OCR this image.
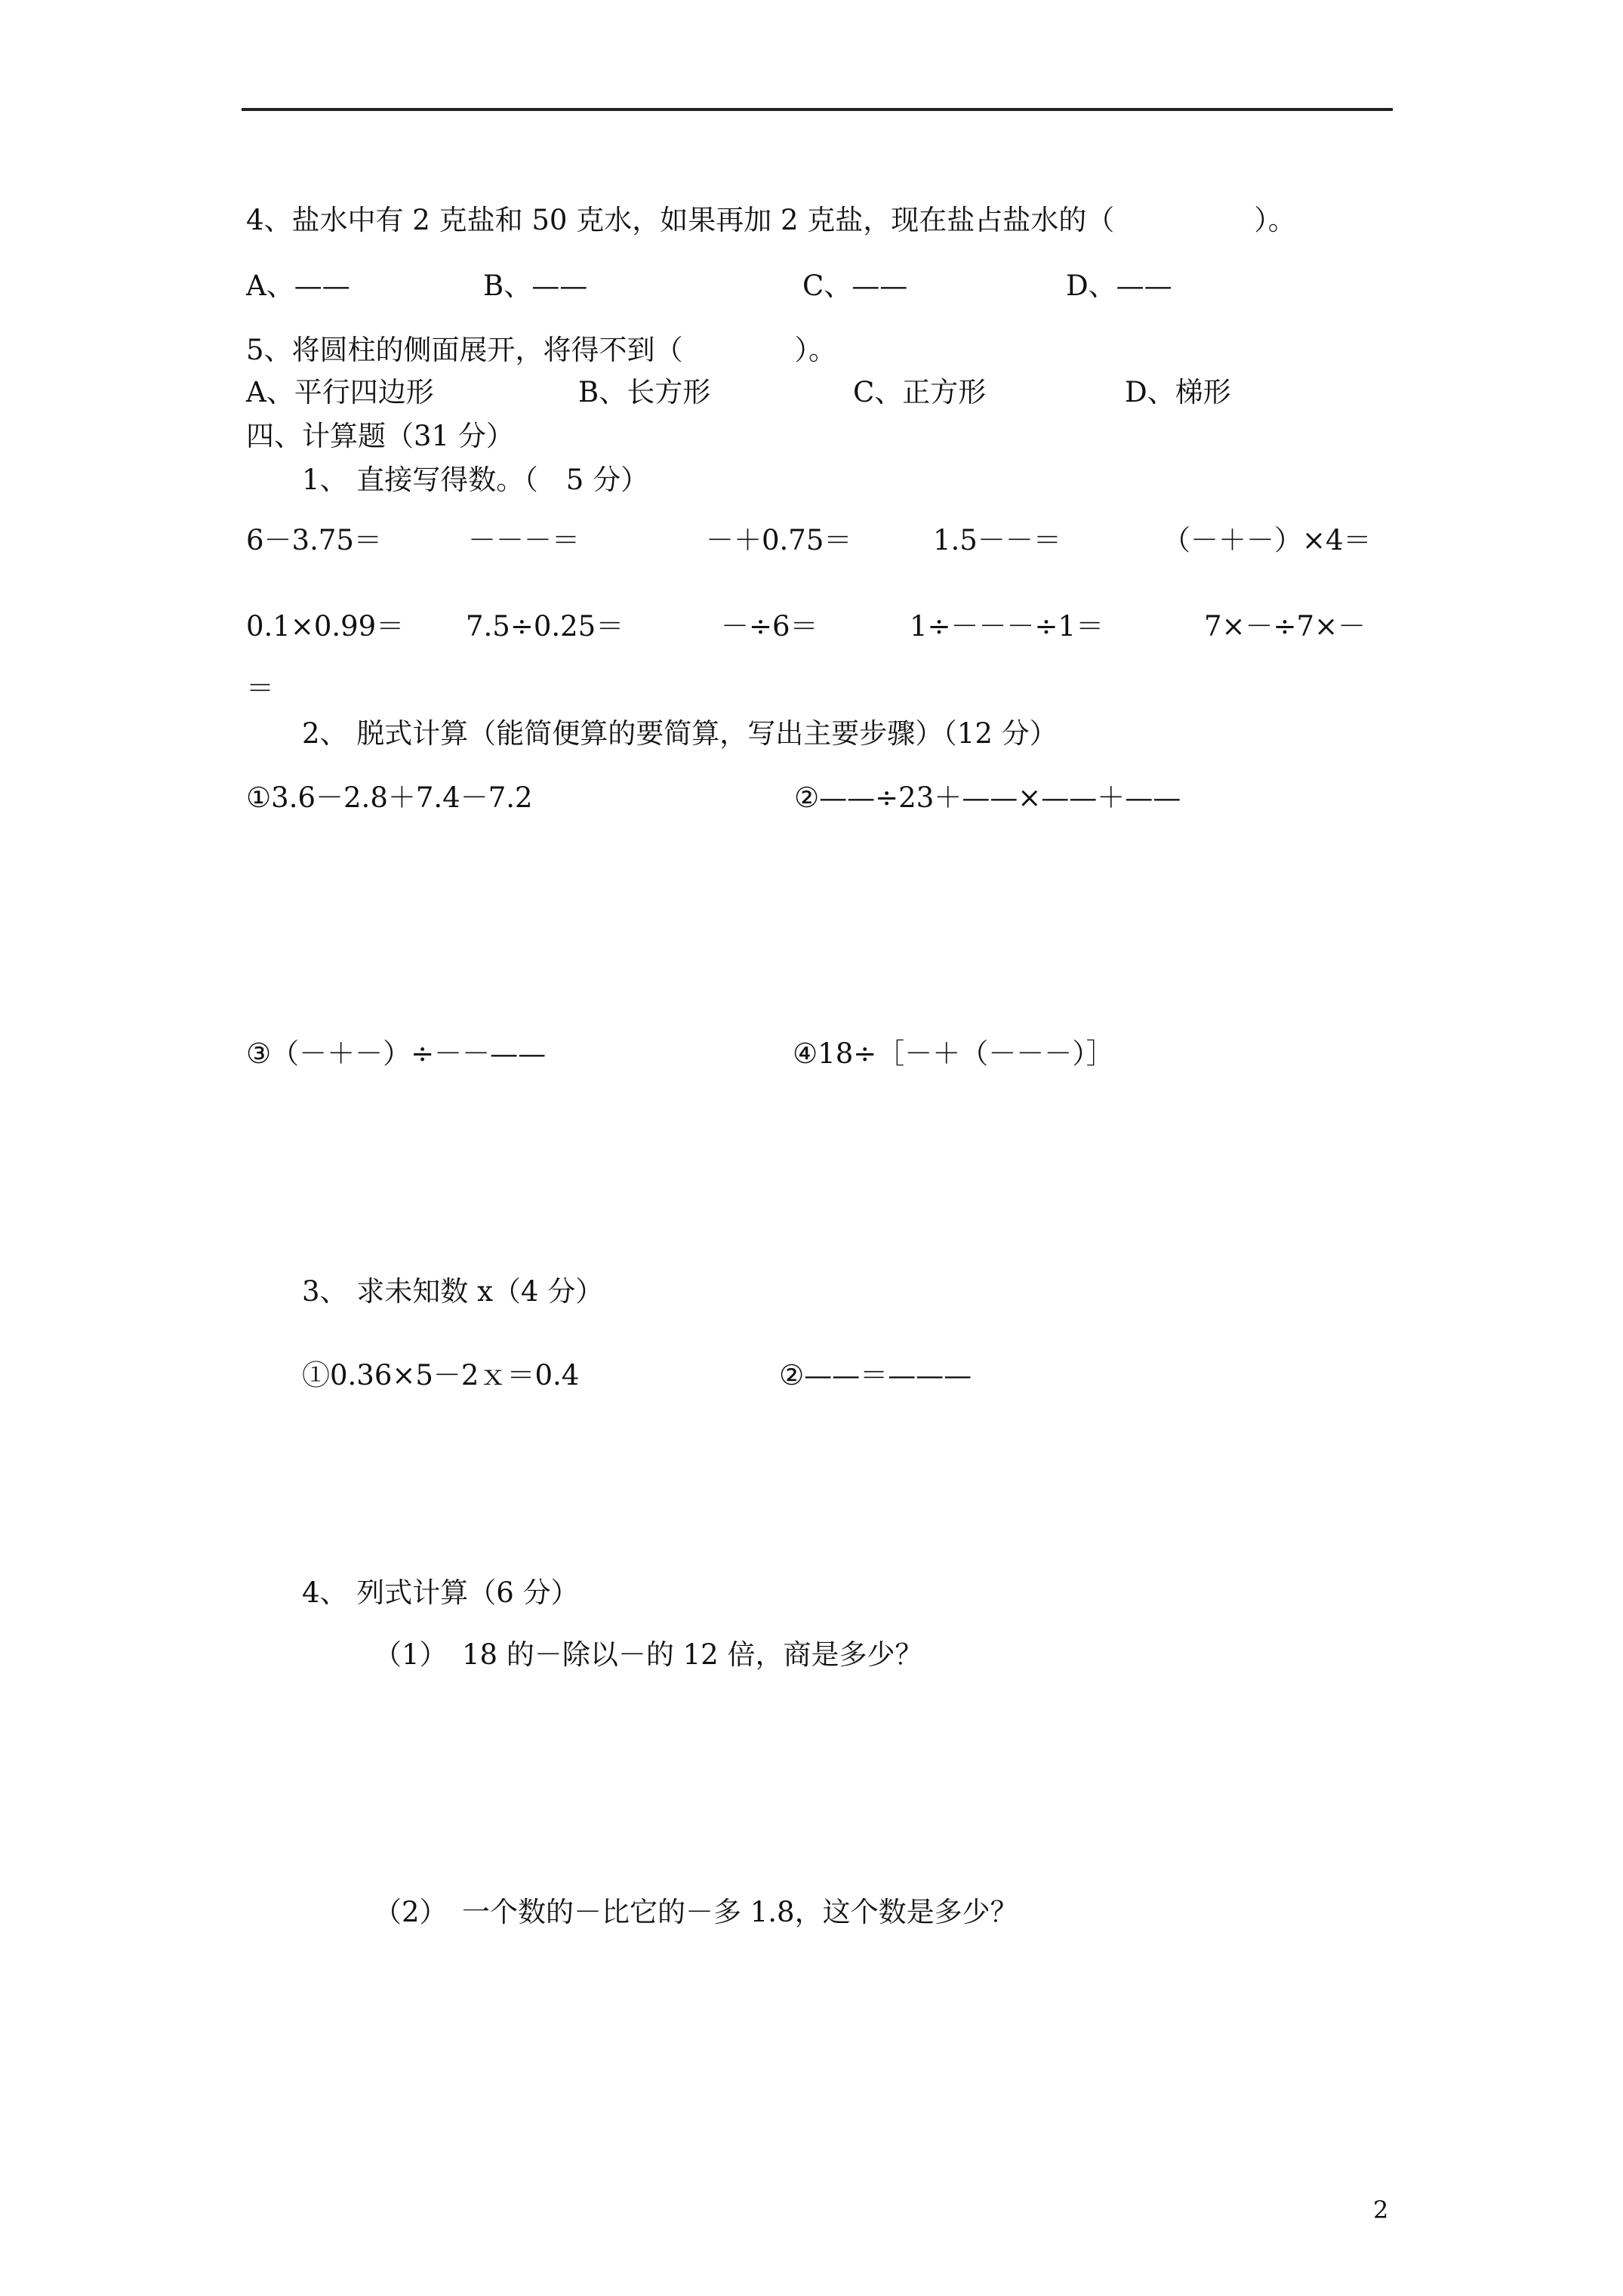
4、盐水中有 2 克盐和 50 克水，如果再加 2 克盐，现在盐占盐水的（　　　　　）。
A、——	B、——	C、——	D、——
5、将圆柱的侧面展开，将得不到（　　　　）。
A、平行四边形	B、长方形	C、正方形	D、梯形
四、计算题（31 分）
1、 直接写得数。（　5 分）
6－3.75＝	－－－＝	－＋0.75＝	1.5－－＝	（－＋－）×4＝
0.1×0.99＝ 7.5÷0.25＝	－÷6＝	1÷－－－÷1＝	7×－÷7×－
＝
2、 脱式计算（能简便算的要简算，写出主要步骤）（12 分）
①3.6－2.8＋7.4－7.2	②——÷23＋——×——＋——
③（－＋－）÷－－——	④18÷［－＋（－－－）］
3、 求未知数 x（4 分）
①0.36×5－2ｘ＝0.4	②——＝———
4、 列式计算（6 分）
（1） 18 的－除以－的 12 倍，商是多少？
（2） 一个数的－比它的－多 1.8，这个数是多少？
2
